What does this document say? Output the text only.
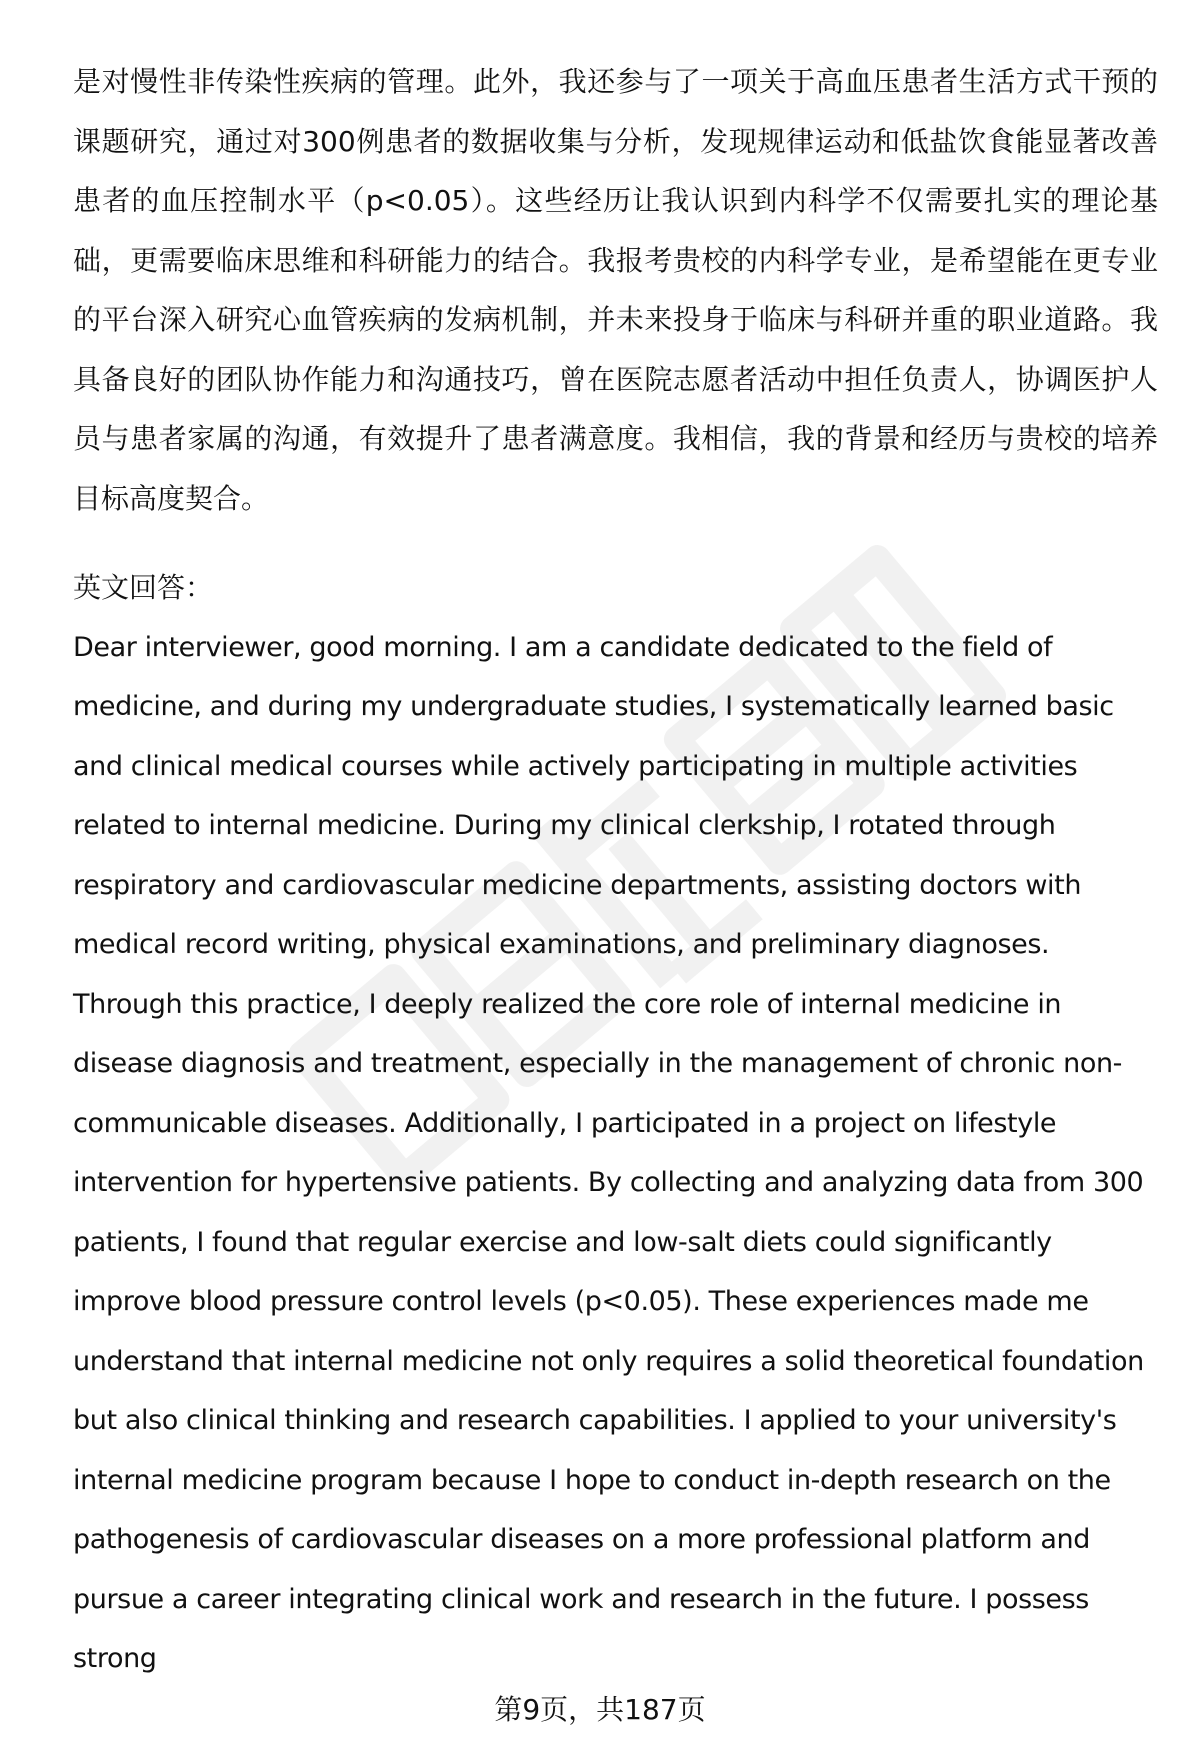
是对慢性非传染性疾病的管理。此外，我还参与了一项关于高血压患者生活方式干预的课题研究，通过对300例患者的数据收集与分析，发现规律运动和低盐饮食能显著改善患者的血压控制水平（p<0.05）。这些经历让我认识到内科学不仅需要扎实的理论基础，更需要临床思维和科研能力的结合。我报考贵校的内科学专业，是希望能在更专业的平台深入研究心血管疾病的发病机制，并未来投身于临床与科研并重的职业道路。我具备良好的团队协作能力和沟通技巧，曾在医院志愿者活动中担任负责人，协调医护人员与患者家属的沟通，有效提升了患者满意度。我相信，我的背景和经历与贵校的培养目标高度契合。

英文回答：

Dear interviewer, good morning. I am a candidate dedicated to the field of medicine, and during my undergraduate studies, I systematically learned basic and clinical medical courses while actively participating in multiple activities related to internal medicine. During my clinical clerkship, I rotated through respiratory and cardiovascular medicine departments, assisting doctors with medical record writing, physical examinations, and preliminary diagnoses. Through this practice, I deeply realized the core role of internal medicine in disease diagnosis and treatment, especially in the management of chronic non-communicable diseases. Additionally, I participated in a project on lifestyle intervention for hypertensive patients. By collecting and analyzing data from 300 patients, I found that regular exercise and low-salt diets could significantly improve blood pressure control levels (p<0.05). These experiences made me understand that internal medicine not only requires a solid theoretical foundation but also clinical thinking and research capabilities. I applied to your university's internal medicine program because I hope to conduct in-depth research on the pathogenesis of cardiovascular diseases on a more professional platform and pursue a career integrating clinical work and research in the future. I possess strong

第9页，共187页
